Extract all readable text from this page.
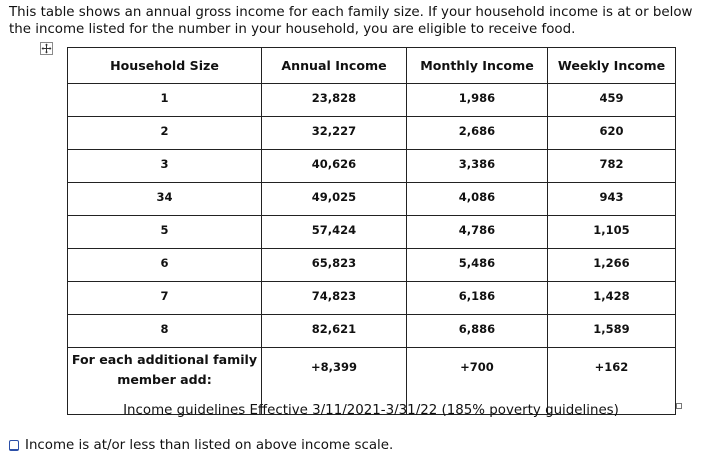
This table shows an annual gross income for each family size. If your household income is at or below the income listed for the number in your household, you are eligible to receive food.
Household Size	Annual Income	Monthly Income	Weekly Income
1	23,828	1,986	459
2	32,227	2,686	620
3	40,626	3,386	782
34	49,025	4,086	943
5	57,424	4,786	1,105
6	65,823	5,486	1,266
7	74,823	6,186	1,428
8	82,621	6,886	1,589
For each additional family member add:	+8,399	+700	+162
Income guidelines Effective 3/11/2021-3/31/22 (185% poverty guidelines)
Income is at/or less than listed on above income scale.
